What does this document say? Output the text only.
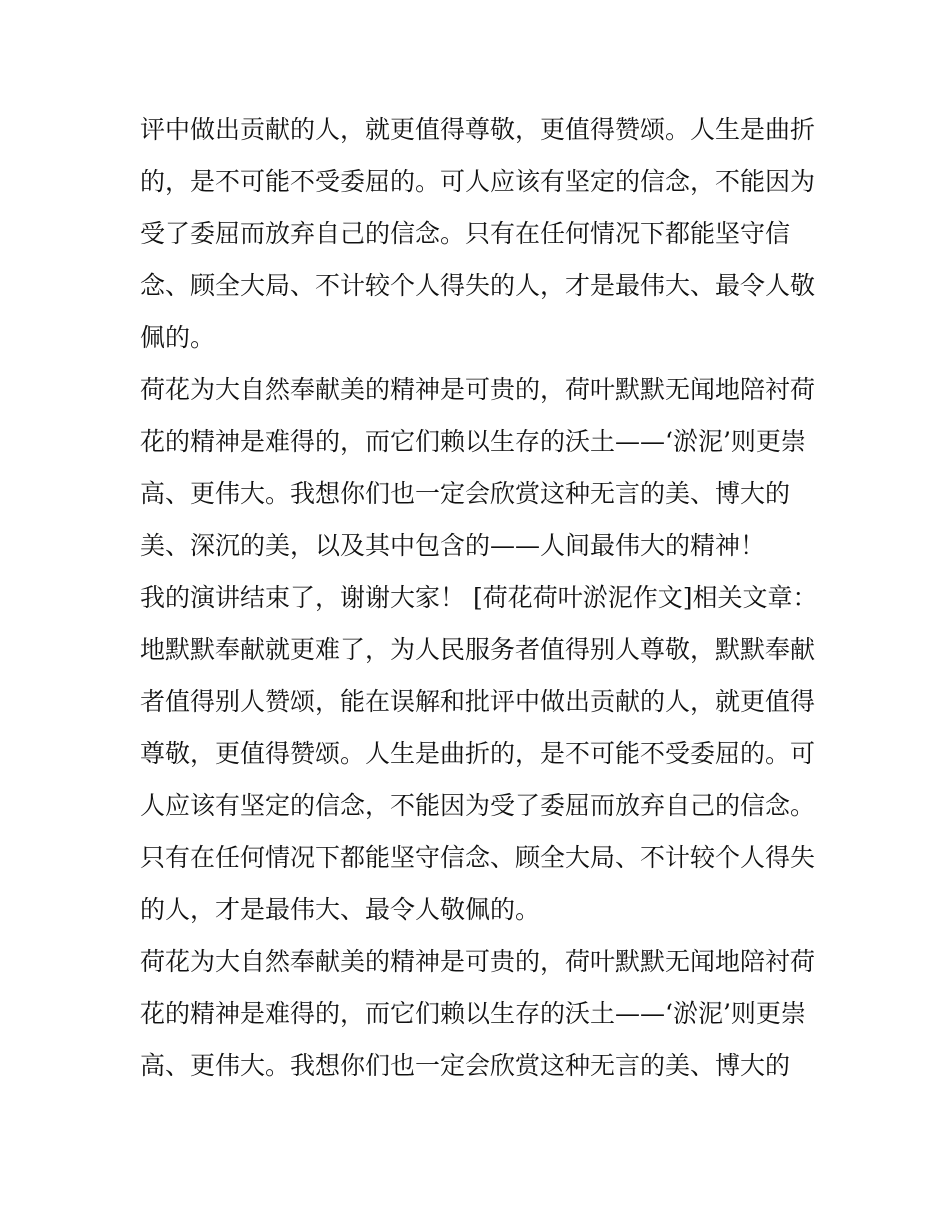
评中做出贡献的人，就更值得尊敬，更值得赞颂。人生是曲折
的，是不可能不受委屈的。可人应该有坚定的信念，不能因为
受了委屈而放弃自己的信念。只有在任何情况下都能坚守信
念、顾全大局、不计较个人得失的人，才是最伟大、最令人敬
佩的。
荷花为大自然奉献美的精神是可贵的，荷叶默默无闻地陪衬荷
花的精神是难得的，而它们赖以生存的沃土——‘淤泥’则更崇
高、更伟大。我想你们也一定会欣赏这种无言的美、博大的
美、深沉的美，以及其中包含的——人间最伟大的精神！
我的演讲结束了，谢谢大家！ [荷花荷叶淤泥作文]相关文章：
地默默奉献就更难了，为人民服务者值得别人尊敬，默默奉献
者值得别人赞颂，能在误解和批评中做出贡献的人，就更值得
尊敬，更值得赞颂。人生是曲折的，是不可能不受委屈的。可
人应该有坚定的信念，不能因为受了委屈而放弃自己的信念。
只有在任何情况下都能坚守信念、顾全大局、不计较个人得失
的人，才是最伟大、最令人敬佩的。
荷花为大自然奉献美的精神是可贵的，荷叶默默无闻地陪衬荷
花的精神是难得的，而它们赖以生存的沃土——‘淤泥’则更崇
高、更伟大。我想你们也一定会欣赏这种无言的美、博大的
